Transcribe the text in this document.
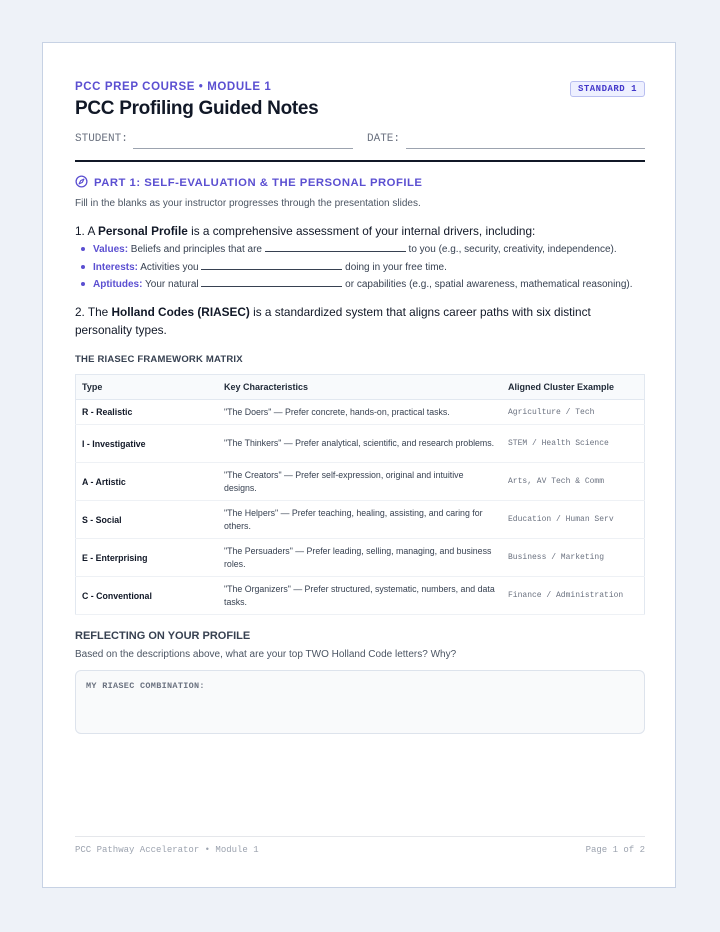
PCC PREP COURSE • MODULE 1	STANDARD 1
PCC Profiling Guided Notes
STUDENT:	DATE:
PART 1: SELF-EVALUATION & THE PERSONAL PROFILE
Fill in the blanks as your instructor progresses through the presentation slides.
1. A Personal Profile is a comprehensive assessment of your internal drivers, including:
Values: Beliefs and principles that are	to you (e.g., security, creativity, independence).
Interests: Activities you	doing in your free time.
Aptitudes: Your natural	or capabilities (e.g., spatial awareness, mathematical reasoning).
2. The Holland Codes (RIASEC) is a standardized system that aligns career paths with six distinct personality types.
THE RIASEC FRAMEWORK MATRIX
Type	Key Characteristics	Aligned Cluster Example
R - Realistic	"The Doers" — Prefer concrete, hands-on, practical tasks.	Agriculture / Tech
I - Investigative	"The Thinkers" — Prefer analytical, scientific, and research problems.	STEM / Health Science
A - Artistic	"The Creators" — Prefer self-expression, original and intuitive designs.	Arts, AV Tech & Comm
S - Social	"The Helpers" — Prefer teaching, healing, assisting, and caring for others.	Education / Human Serv
E - Enterprising	"The Persuaders" — Prefer leading, selling, managing, and business roles.	Business / Marketing
C - Conventional	"The Organizers" — Prefer structured, systematic, numbers, and data tasks.	Finance / Administration
REFLECTING ON YOUR PROFILE
Based on the descriptions above, what are your top TWO Holland Code letters? Why?
MY RIASEC COMBINATION:
PCC Pathway Accelerator • Module 1	Page 1 of 2
